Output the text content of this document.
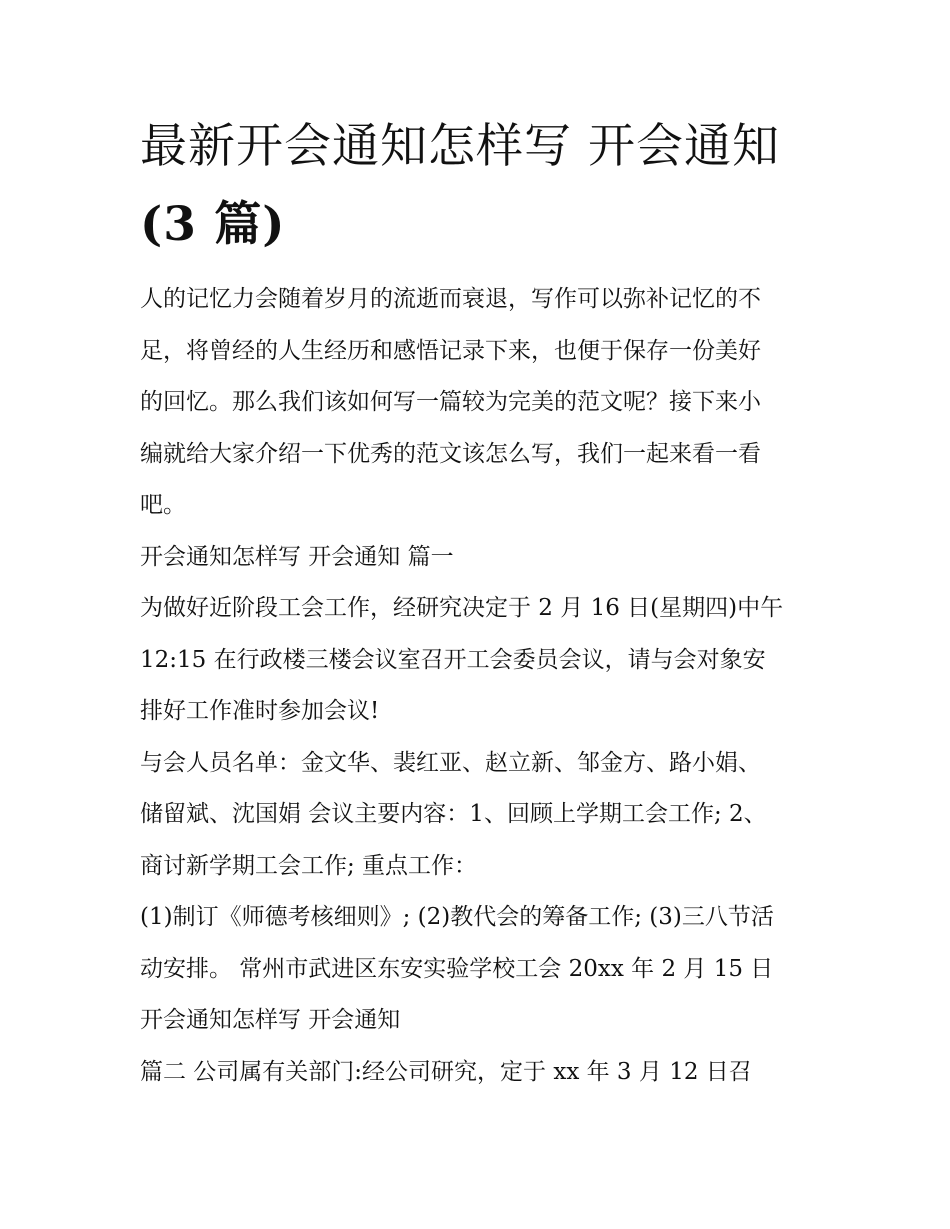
最新开会通知怎样写 开会通知
(3 篇)

人的记忆力会随着岁月的流逝而衰退，写作可以弥补记忆的不
足，将曾经的人生经历和感悟记录下来，也便于保存一份美好
的回忆。那么我们该如何写一篇较为完美的范文呢？接下来小
编就给大家介绍一下优秀的范文该怎么写，我们一起来看一看
吧。

开会通知怎样写 开会通知 篇一

为做好近阶段工会工作，经研究决定于 2 月 16 日(星期四)中午
12:15 在行政楼三楼会议室召开工会委员会议，请与会对象安
排好工作准时参加会议!

与会人员名单：金文华、裴红亚、赵立新、邹金方、路小娟、
储留斌、沈国娟 会议主要内容：1、回顾上学期工会工作; 2、
商讨新学期工会工作; 重点工作：

(1)制订《师德考核细则》; (2)教代会的筹备工作; (3)三八节活
动安排。 常州市武进区东安实验学校工会 20xx 年 2 月 15 日

开会通知怎样写 开会通知

篇二 公司属有关部门:经公司研究，定于 xx 年 3 月 12 日召
